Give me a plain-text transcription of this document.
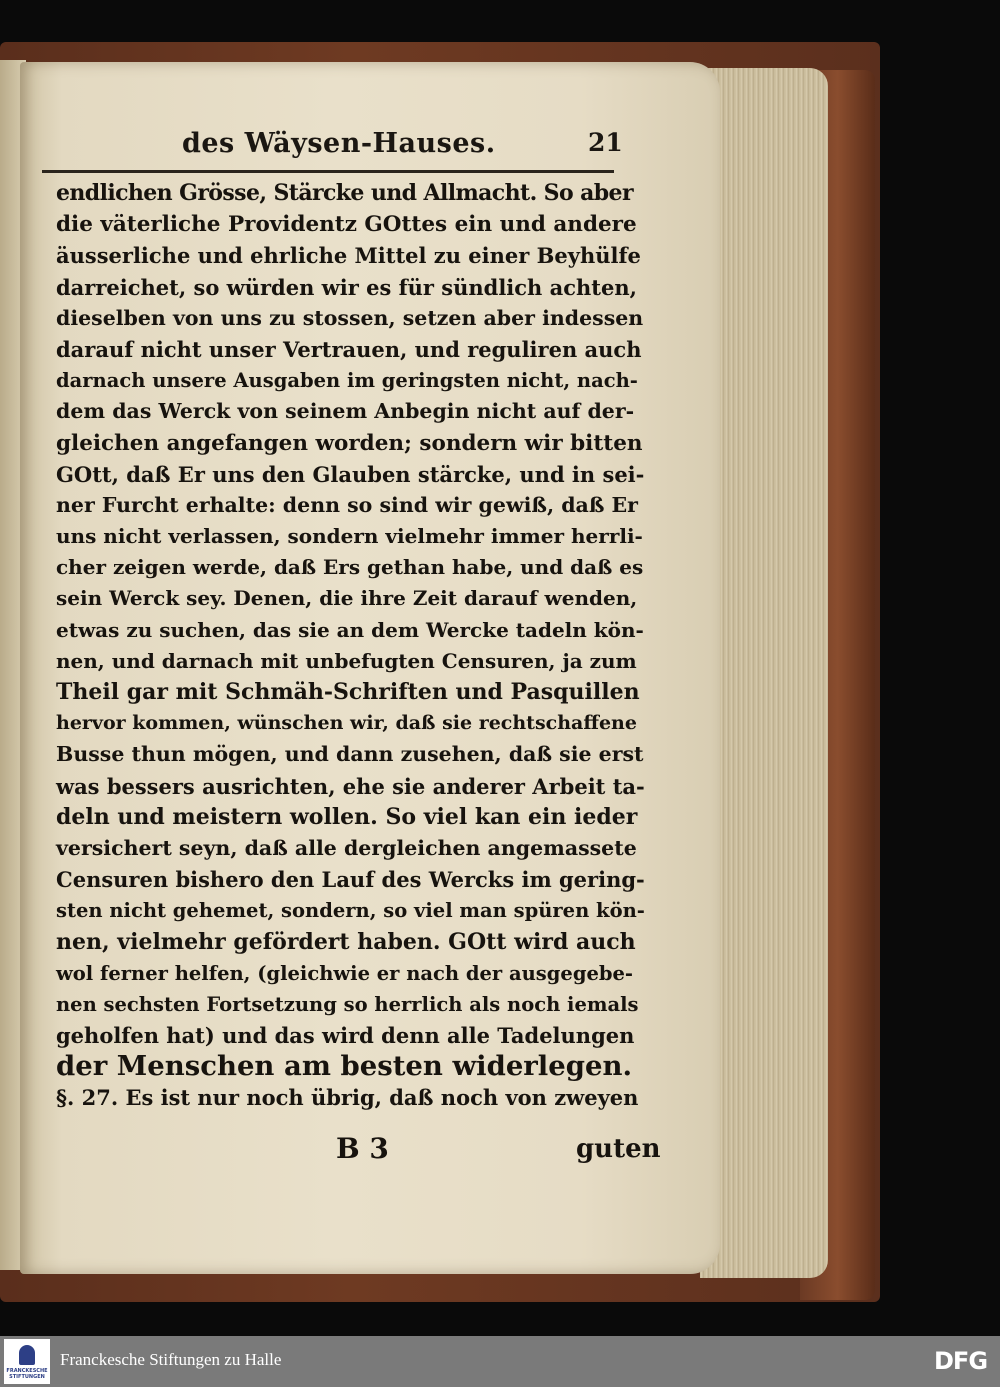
des Wäysen-Hauses.	21
endlichen Grösse, Stärcke und Allmacht. So aber
die väterliche Providentz GOttes ein und andere
äusserliche und ehrliche Mittel zu einer Beyhülfe
darreichet, so würden wir es für sündlich achten,
dieselben von uns zu stossen, setzen aber indessen
darauf nicht unser Vertrauen, und reguliren auch
darnach unsere Ausgaben im geringsten nicht, nach-
dem das Werck von seinem Anbegin nicht auf der-
gleichen angefangen worden; sondern wir bitten
GOtt, daß Er uns den Glauben stärcke, und in sei-
ner Furcht erhalte: denn so sind wir gewiß, daß Er
uns nicht verlassen, sondern vielmehr immer herrli-
cher zeigen werde, daß Ers gethan habe, und daß es
sein Werck sey. Denen, die ihre Zeit darauf wenden,
etwas zu suchen, das sie an dem Wercke tadeln kön-
nen, und darnach mit unbefugten Censuren, ja zum
Theil gar mit Schmäh-Schriften und Pasquillen
hervor kommen, wünschen wir, daß sie rechtschaffene
Busse thun mögen, und dann zusehen, daß sie erst
was bessers ausrichten, ehe sie anderer Arbeit ta-
deln und meistern wollen. So viel kan ein ieder
versichert seyn, daß alle dergleichen angemassete
Censuren bishero den Lauf des Wercks im gering-
sten nicht gehemet, sondern, so viel man spüren kön-
nen, vielmehr gefördert haben. GOtt wird auch
wol ferner helfen, (gleichwie er nach der ausgegebe-
nen sechsten Fortsetzung so herrlich als noch iemals
geholfen hat) und das wird denn alle Tadelungen
der Menschen am besten widerlegen.
§. 27. Es ist nur noch übrig, daß noch von zweyen
B 3	guten
FRANCKESCHE STIFTUNGEN
Franckesche Stiftungen zu Halle	DFG
